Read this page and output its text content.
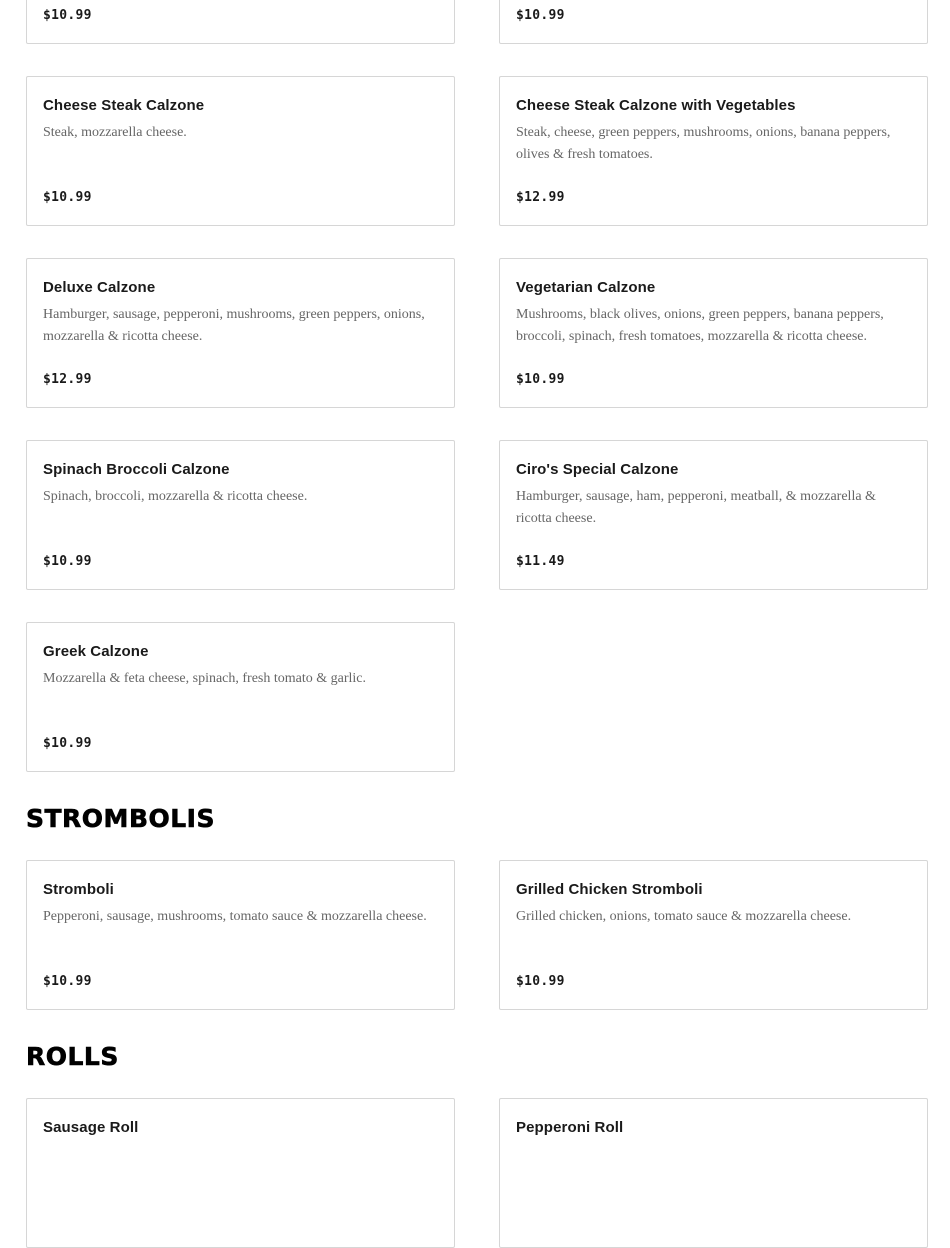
$10.99	$10.99
Cheese Steak Calzone

Steak, mozzarella cheese.

$10.99
Cheese Steak Calzone with Vegetables

Steak, cheese, green peppers, mushrooms, onions, banana peppers, olives & fresh tomatoes.

$12.99
Deluxe Calzone

Hamburger, sausage, pepperoni, mushrooms, green peppers, onions, mozzarella & ricotta cheese.

$12.99
Vegetarian Calzone

Mushrooms, black olives, onions, green peppers, banana peppers, broccoli, spinach, fresh tomatoes, mozzarella & ricotta cheese.

$10.99
Spinach Broccoli Calzone

Spinach, broccoli, mozzarella & ricotta cheese.

$10.99
Ciro's Special Calzone

Hamburger, sausage, ham, pepperoni, meatball, & mozzarella & ricotta cheese.

$11.49
Greek Calzone

Mozzarella & feta cheese, spinach, fresh tomato & garlic.

$10.99
STROMBOLIS
Stromboli

Pepperoni, sausage, mushrooms, tomato sauce & mozzarella cheese.

$10.99
Grilled Chicken Stromboli

Grilled chicken, onions, tomato sauce & mozzarella cheese.

$10.99
ROLLS
Sausage Roll	Pepperoni Roll
